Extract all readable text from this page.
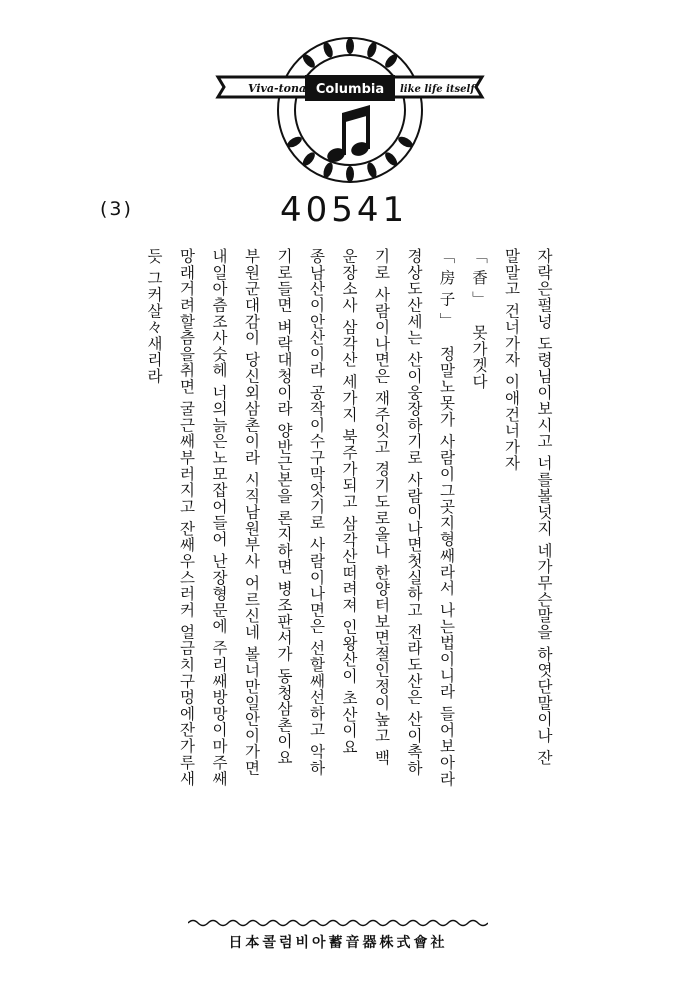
Viva-tonal Columbia like life itself
(3)	40541
자락은펄넝 도령님이보시고 너를볼넛지 네가무슨말을 하엿단말이나 잔
말말고 건너가자 이애건너가자
「香」못가겟다
「房子」정말노못가 사람이그곳지형쌔라서 나는법이니라 들어보아라
경상도산세는 산이웅장하기로 사람이나면첫실하고 전라도산은 산이촉하
기로 사람이나면은 재주잇고 경기도로올나 한양터보면절인정이높고 백
운장소사 삼각산 세가지 북주가되고 삼각산떠려져 인왕산이 초산이요
종남산이안산이라 공작이수구막앗기로 사람이나면은 선할쌔선하고 악하
기로들면 벼락대청이라 양반근본을 론지하면 병조판서가 동청삼촌이요
부원군대감이 당신외삼촌이라 시직남원부사 어르신네 볼너만일안이가면
내일아츰조사숫헤 너의늙은노모잡어들어 난장형문에 주리쌔방망이마주쌔
망래거려할츰을취면 굴근쌔부러지고 잔쌔우스러커 얼금치구멍에잔가루새
듯 그커살々새리라
社會式株器音蓄아비럼콜本日
